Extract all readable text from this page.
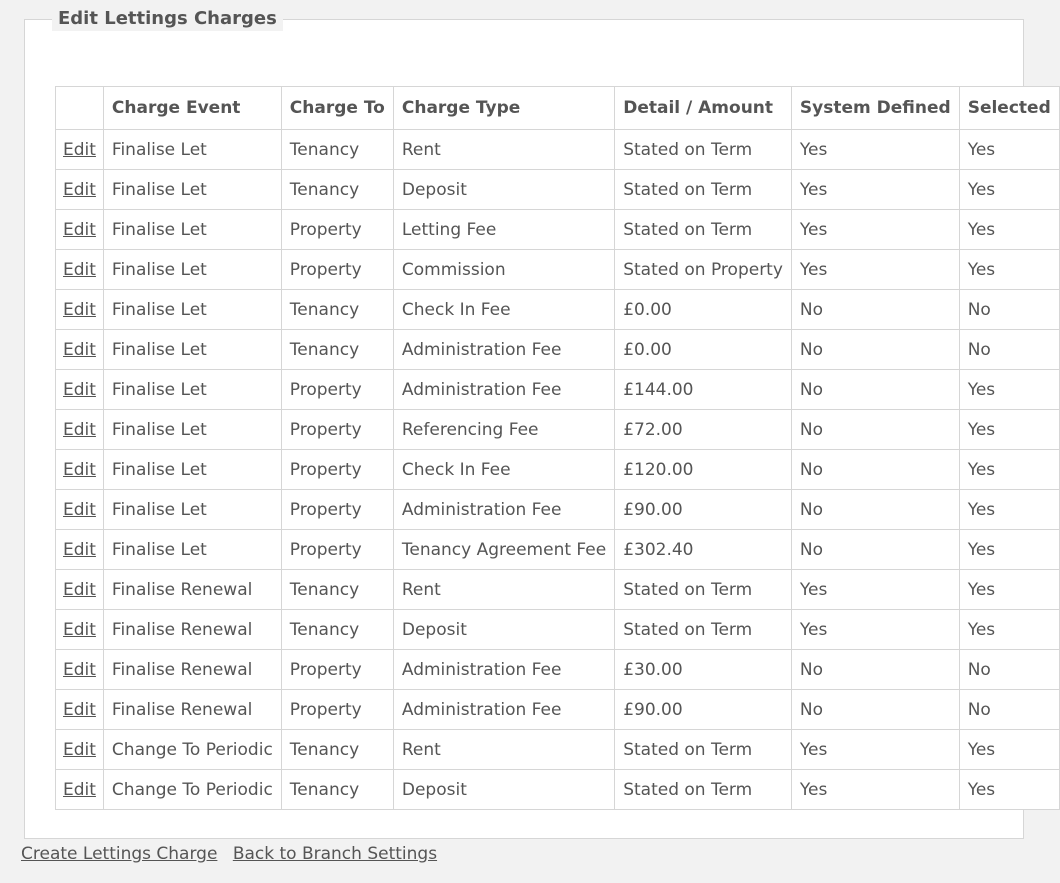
Edit Lettings Charges
	Charge Event	Charge To	Charge Type	Detail / Amount	System Defined	Selected
Edit	Finalise Let	Tenancy	Rent	Stated on Term	Yes	Yes
Edit	Finalise Let	Tenancy	Deposit	Stated on Term	Yes	Yes
Edit	Finalise Let	Property	Letting Fee	Stated on Term	Yes	Yes
Edit	Finalise Let	Property	Commission	Stated on Property	Yes	Yes
Edit	Finalise Let	Tenancy	Check In Fee	£0.00	No	No
Edit	Finalise Let	Tenancy	Administration Fee	£0.00	No	No
Edit	Finalise Let	Property	Administration Fee	£144.00	No	Yes
Edit	Finalise Let	Property	Referencing Fee	£72.00	No	Yes
Edit	Finalise Let	Property	Check In Fee	£120.00	No	Yes
Edit	Finalise Let	Property	Administration Fee	£90.00	No	Yes
Edit	Finalise Let	Property	Tenancy Agreement Fee	£302.40	No	Yes
Edit	Finalise Renewal	Tenancy	Rent	Stated on Term	Yes	Yes
Edit	Finalise Renewal	Tenancy	Deposit	Stated on Term	Yes	Yes
Edit	Finalise Renewal	Property	Administration Fee	£30.00	No	No
Edit	Finalise Renewal	Property	Administration Fee	£90.00	No	No
Edit	Change To Periodic	Tenancy	Rent	Stated on Term	Yes	Yes
Edit	Change To Periodic	Tenancy	Deposit	Stated on Term	Yes	Yes
Create Lettings Charge Back to Branch Settings
